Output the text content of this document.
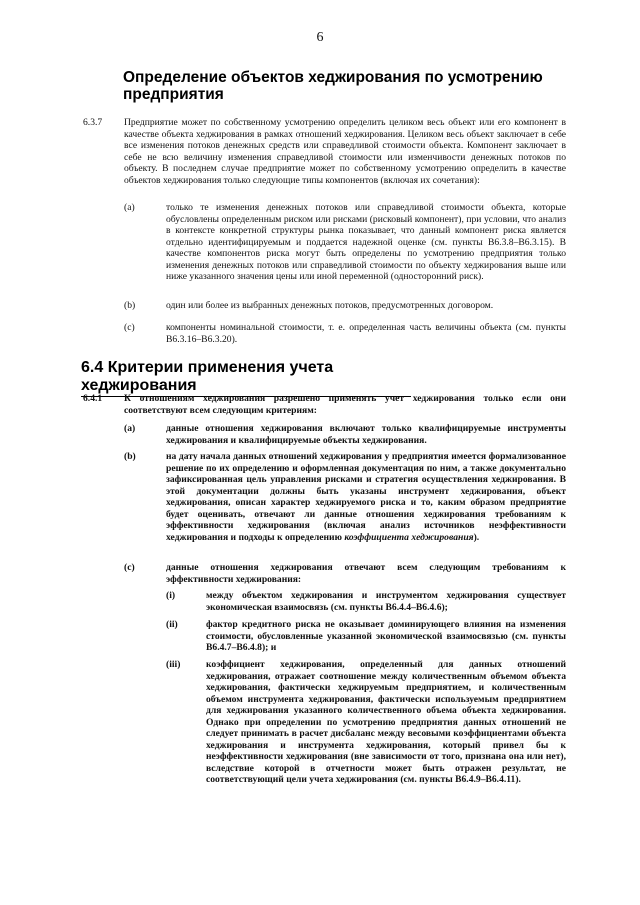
6
Определение объектов хеджирования по усмотрению предприятия
6.3.7 Предприятие может по собственному усмотрению определить целиком весь объект или его компонент в качестве объекта хеджирования в рамках отношений хеджирования. Целиком весь объект заключает в себе все изменения потоков денежных средств или справедливой стоимости объекта. Компонент заключает в себе не всю величину изменения справедливой стоимости или изменчивости денежных потоков по объекту. В последнем случае предприятие может по собственному усмотрению определить в качестве объектов хеджирования только следующие типы компонентов (включая их сочетания):
(a)	только те изменения денежных потоков или справедливой стоимости объекта, которые обусловлены определенным риском или рисками (рисковый компонент), при условии, что анализ в контексте конкретной структуры рынка показывает, что данный компонент риска является отдельно идентифицируемым и поддается надежной оценке (см. пункты В6.3.8–В6.3.15). В качестве компонентов риска могут быть определены по усмотрению предприятия только изменения денежных потоков или справедливой стоимости по объекту хеджирования выше или ниже указанного значения цены или иной переменной (односторонний риск).
(b)	один или более из выбранных денежных потоков, предусмотренных договором.
(c)	компоненты номинальной стоимости, т. е. определенная часть величины объекта (см. пункты В6.3.16–В6.3.20).
6.4 Критерии применения учета хеджирования
6.4.1 К отношениям хеджирования разрешено применять учет хеджирования только если они соответствуют всем следующим критериям:
(a)	данные отношения хеджирования включают только квалифицируемые инструменты хеджирования и квалифицируемые объекты хеджирования.
(b)	на дату начала данных отношений хеджирования у предприятия имеется формализованное решение по их определению и оформленная документация по ним, а также документально зафиксированная цель управления рисками и стратегия осуществления хеджирования. В этой документации должны быть указаны инструмент хеджирования, объект хеджирования, описан характер хеджируемого риска и то, каким образом предприятие будет оценивать, отвечают ли данные отношения хеджирования требованиям к эффективности хеджирования (включая анализ источников неэффективности хеджирования и подходы к определению коэффициента хеджирования).
(c)	данные отношения хеджирования отвечают всем следующим требованиям к эффективности хеджирования:
(i)	между объектом хеджирования и инструментом хеджирования существует экономическая взаимосвязь (см. пункты В6.4.4–В6.4.6);
(ii)	фактор кредитного риска не оказывает доминирующего влияния на изменения стоимости, обусловленные указанной экономической взаимосвязью (см. пункты В6.4.7–В6.4.8); и
(iii)	коэффициент хеджирования, определенный для данных отношений хеджирования, отражает соотношение между количественным объемом объекта хеджирования, фактически хеджируемым предприятием, и количественным объемом инструмента хеджирования, фактически используемым предприятием для хеджирования указанного количественного объема объекта хеджирования. Однако при определении по усмотрению предприятия данных отношений не следует принимать в расчет дисбаланс между весовыми коэффициентами объекта хеджирования и инструмента хеджирования, который привел бы к неэффективности хеджирования (вне зависимости от того, признана она или нет), вследствие которой в отчетности может быть отражен результат, не соответствующий цели учета хеджирования (см. пункты В6.4.9–В6.4.11).
